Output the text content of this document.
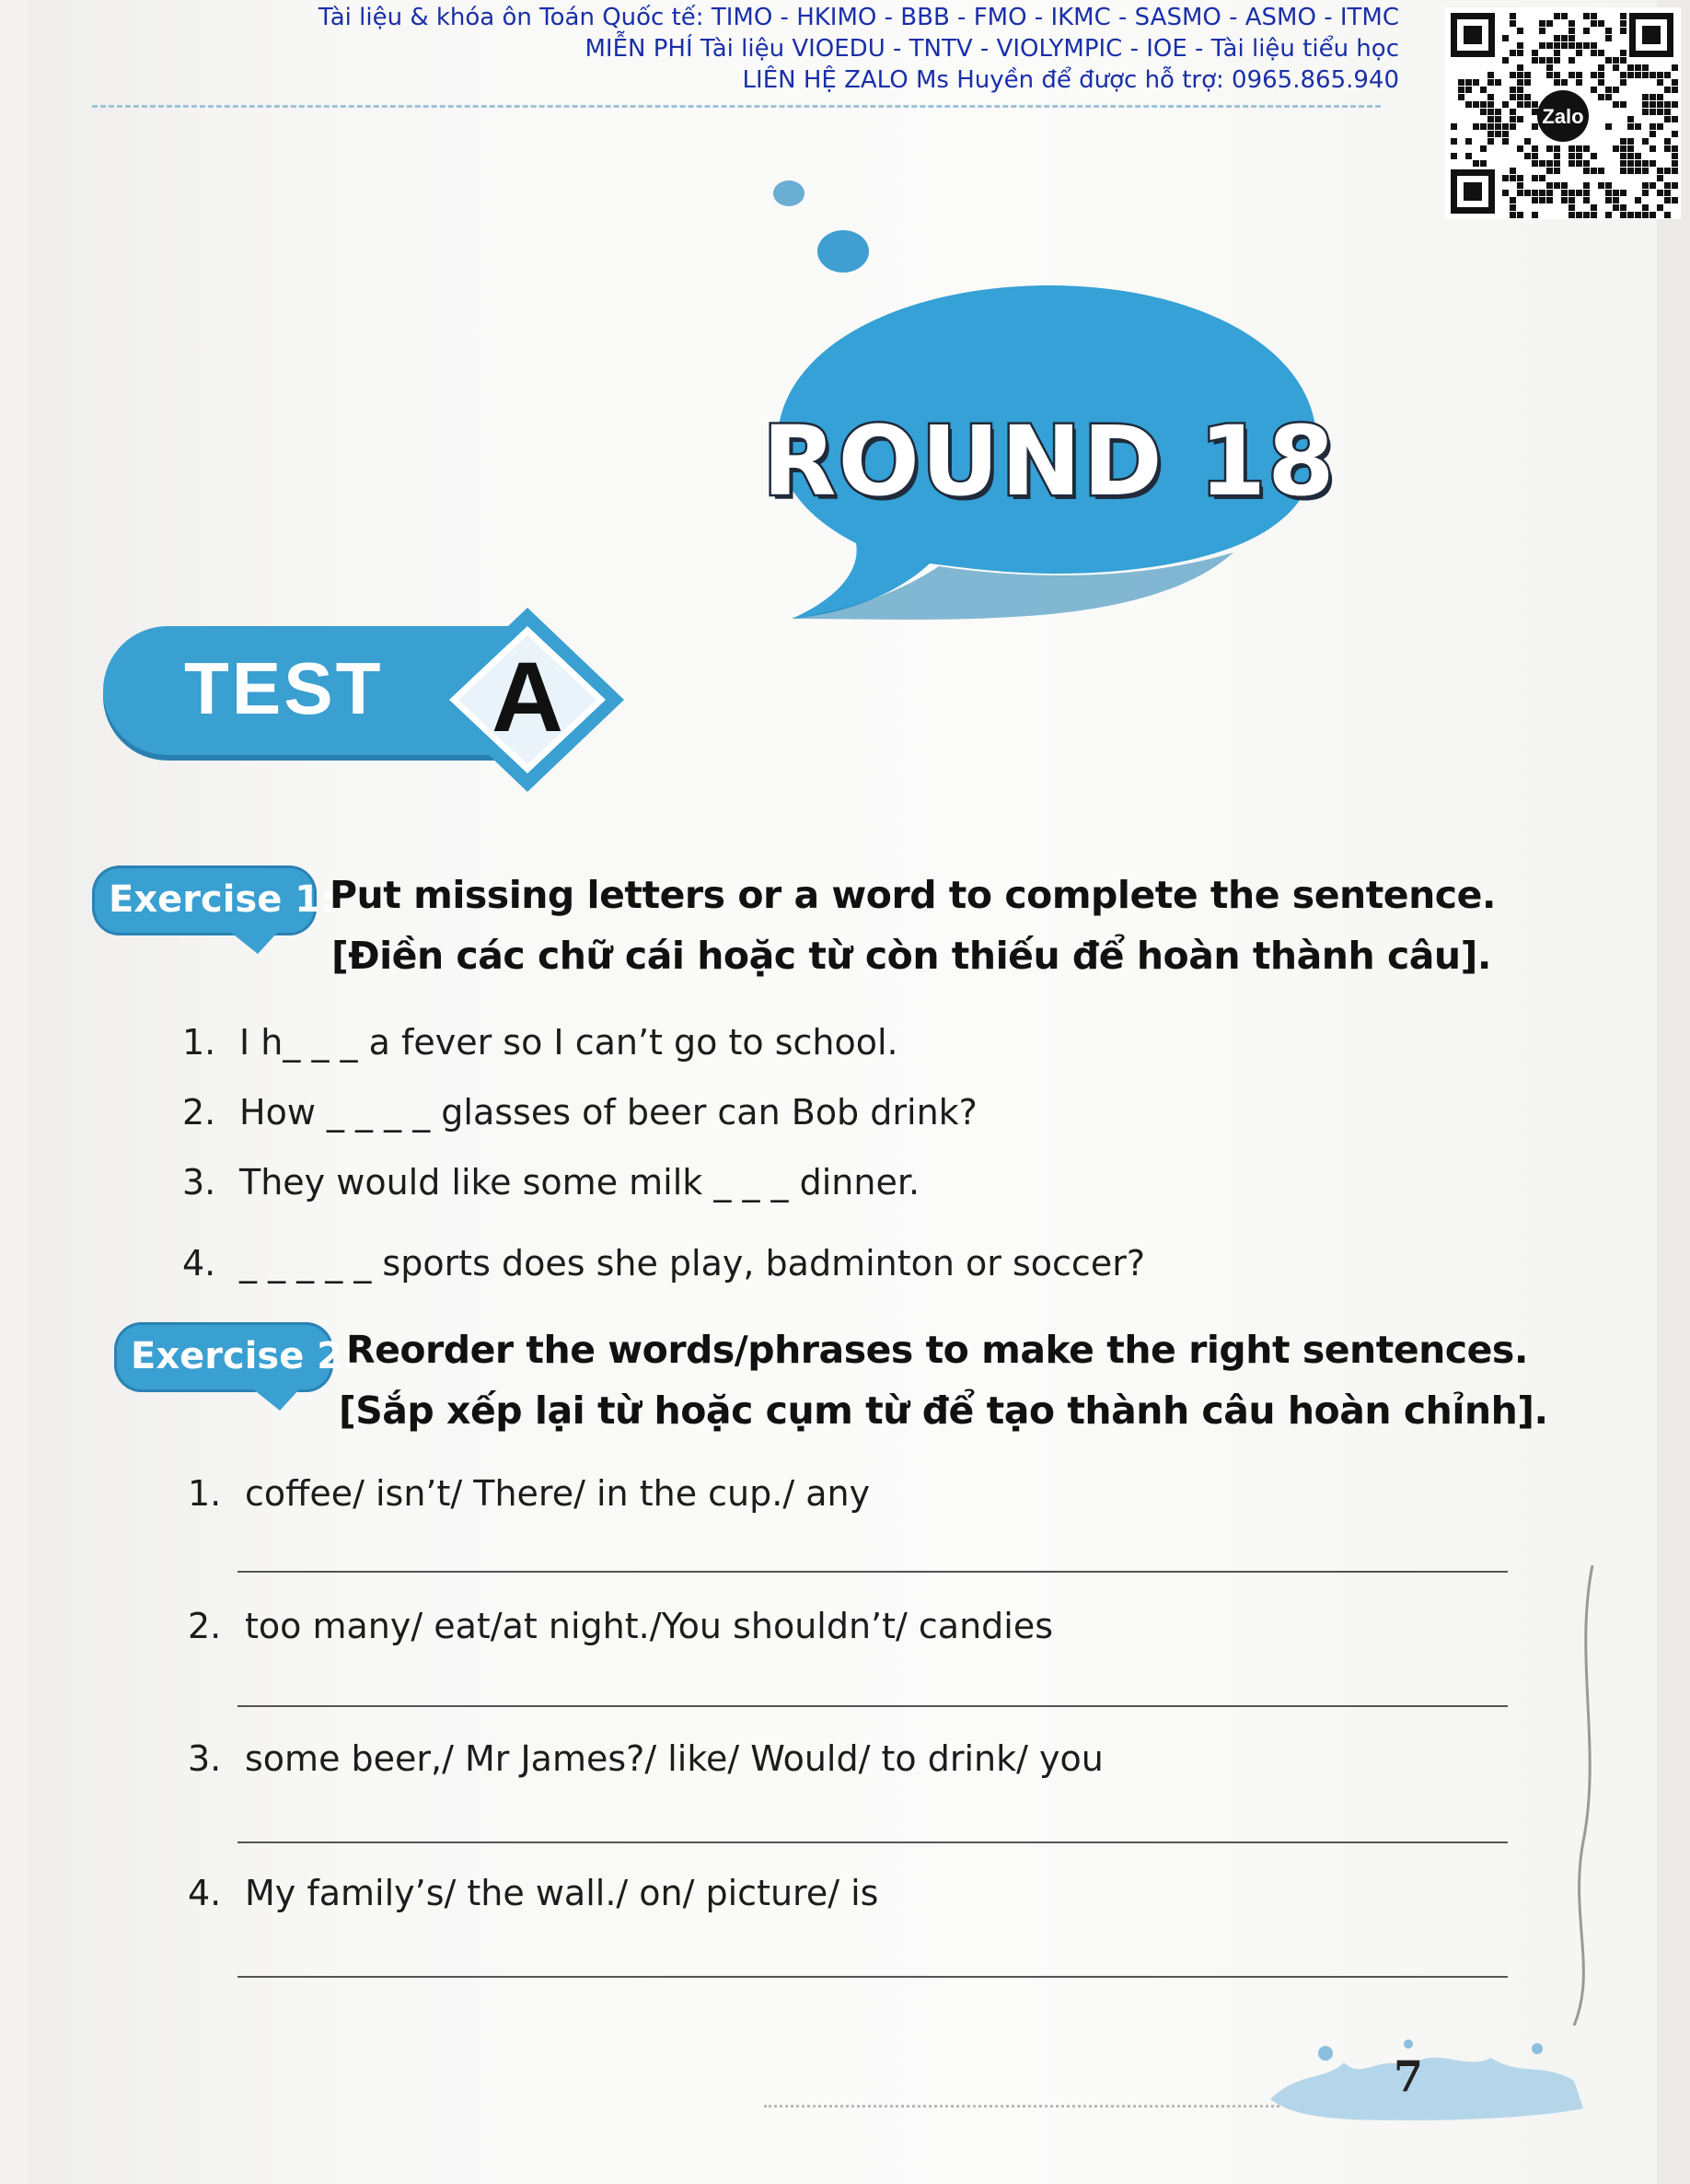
Tài liệu & khóa ôn Toán Quốc tế: TIMO - HKIMO - BBB - FMO - IKMC - SASMO - ASMO - ITMC
MIỄN PHÍ Tài liệu VIOEDU - TNTV - VIOLYMPIC - IOE - Tài liệu tiểu học
LIÊN HỆ ZALO Ms Huyền để được hỗ trợ: 0965.865.940
Zalo
ROUND 18
TEST	A
Exercise 1:
Put missing letters or a word to complete the sentence.
[Điền các chữ cái hoặc từ còn thiếu để hoàn thành câu].
1. I h_ _ _ a fever so I can’t go to school.
2. How _ _ _ _ glasses of beer can Bob drink?
3. They would like some milk _ _ _ dinner.
4. _ _ _ _ _ sports does she play, badminton or soccer?
Exercise 2:
Reorder the words/phrases to make the right sentences.
[Sắp xếp lại từ hoặc cụm từ để tạo thành câu hoàn chỉnh].
1. coffee/ isn’t/ There/ in the cup./ any
2. too many/ eat/at night./You shouldn’t/ candies
3. some beer,/ Mr James?/ like/ Would/ to drink/ you
4. My family’s/ the wall./ on/ picture/ is
7
